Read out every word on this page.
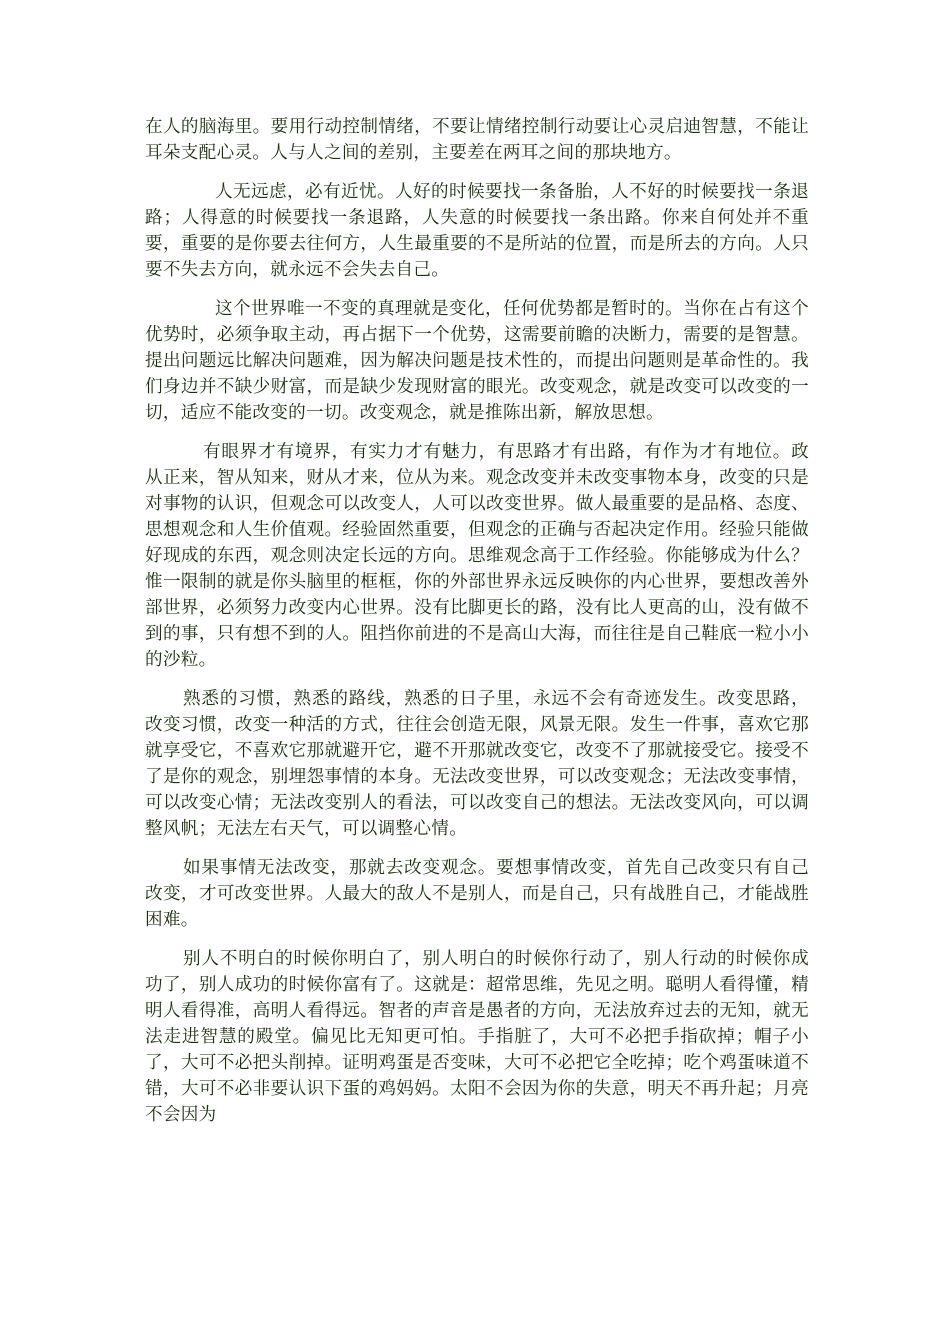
在人的脑海里。要用行动控制情绪，不要让情绪控制行动要让心灵启迪智慧，不能让耳朵支配心灵。人与人之间的差别，主要差在两耳之间的那块地方。

人无远虑，必有近忧。人好的时候要找一条备胎，人不好的时候要找一条退路；人得意的时候要找一条退路，人失意的时候要找一条出路。你来自何处并不重要，重要的是你要去往何方，人生最重要的不是所站的位置，而是所去的方向。人只要不失去方向，就永远不会失去自己。

这个世界唯一不变的真理就是变化，任何优势都是暂时的。当你在占有这个优势时，必须争取主动，再占据下一个优势，这需要前瞻的决断力，需要的是智慧。提出问题远比解决问题难，因为解决问题是技术性的，而提出问题则是革命性的。我们身边并不缺少财富，而是缺少发现财富的眼光。改变观念，就是改变可以改变的一切，适应不能改变的一切。改变观念，就是推陈出新，解放思想。

有眼界才有境界，有实力才有魅力，有思路才有出路，有作为才有地位。政从正来，智从知来，财从才来，位从为来。观念改变并未改变事物本身，改变的只是对事物的认识，但观念可以改变人，人可以改变世界。做人最重要的是品格、态度、思想观念和人生价值观。经验固然重要，但观念的正确与否起决定作用。经验只能做好现成的东西，观念则决定长远的方向。思维观念高于工作经验。你能够成为什么？惟一限制的就是你头脑里的框框，你的外部世界永远反映你的内心世界，要想改善外部世界，必须努力改变内心世界。没有比脚更长的路，没有比人更高的山，没有做不到的事，只有想不到的人。阻挡你前进的不是高山大海，而往往是自己鞋底一粒小小的沙粒。

熟悉的习惯，熟悉的路线，熟悉的日子里，永远不会有奇迹发生。改变思路，改变习惯，改变一种活的方式，往往会创造无限，风景无限。发生一件事，喜欢它那就享受它，不喜欢它那就避开它，避不开那就改变它，改变不了那就接受它。接受不了是你的观念，别埋怨事情的本身。无法改变世界，可以改变观念；无法改变事情，可以改变心情；无法改变别人的看法，可以改变自己的想法。无法改变风向，可以调整风帆；无法左右天气，可以调整心情。

如果事情无法改变，那就去改变观念。要想事情改变，首先自己改变只有自己改变，才可改变世界。人最大的敌人不是别人，而是自己，只有战胜自己，才能战胜困难。

别人不明白的时候你明白了，别人明白的时候你行动了，别人行动的时候你成功了，别人成功的时候你富有了。这就是：超常思维，先见之明。聪明人看得懂，精明人看得准，高明人看得远。智者的声音是愚者的方向，无法放弃过去的无知，就无法走进智慧的殿堂。偏见比无知更可怕。手指脏了，大可不必把手指砍掉；帽子小了，大可不必把头削掉。证明鸡蛋是否变味，大可不必把它全吃掉；吃个鸡蛋味道不错，大可不必非要认识下蛋的鸡妈妈。太阳不会因为你的失意，明天不再升起；月亮不会因为
